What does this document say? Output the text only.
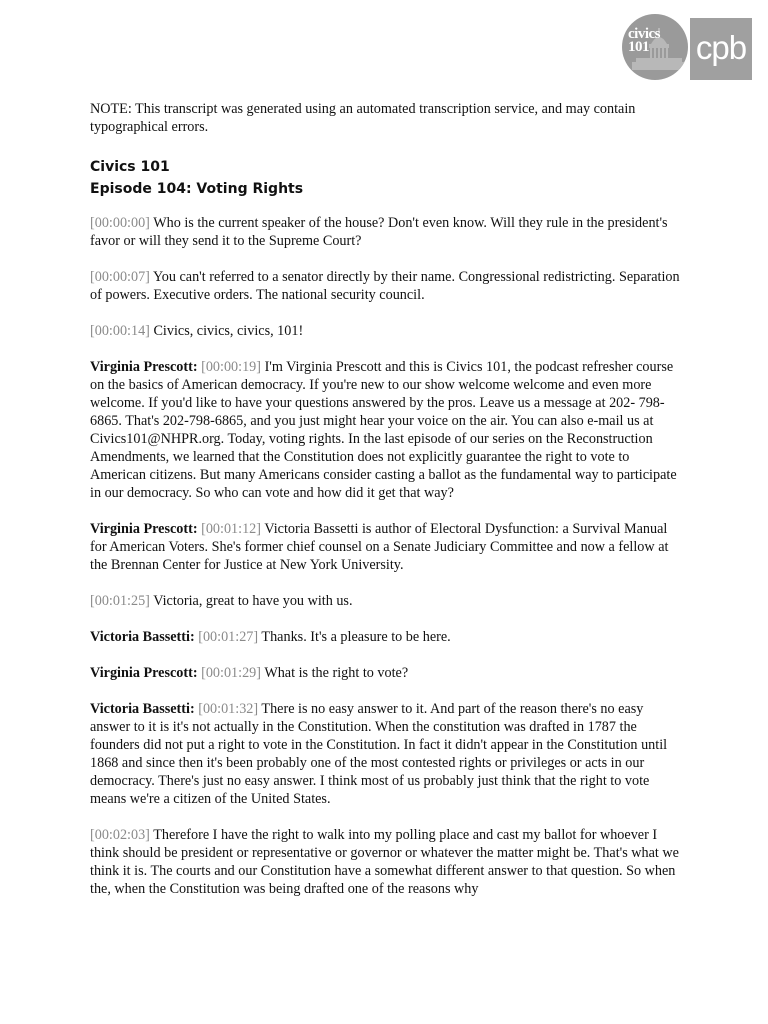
civics
101	cpb

NOTE: This transcript was generated using an automated transcription service, and may contain typographical errors.

Civics 101
Episode 104: Voting Rights

[00:00:00] Who is the current speaker of the house? Don't even know. Will they rule in the president's favor or will they send it to the Supreme Court?

[00:00:07] You can't referred to a senator directly by their name. Congressional redistricting. Separation of powers. Executive orders. The national security council.

[00:00:14] Civics, civics, civics, 101!

Virginia Prescott: [00:00:19] I'm Virginia Prescott and this is Civics 101, the podcast refresher course on the basics of American democracy. If you're new to our show welcome welcome and even more welcome. If you'd like to have your questions answered by the pros. Leave us a message at 202- 798-6865. That's 202-798-6865, and you just might hear your voice on the air. You can also e-mail us at Civics101@NHPR.org. Today, voting rights. In the last episode of our series on the Reconstruction Amendments, we learned that the Constitution does not explicitly guarantee the right to vote to American citizens. But many Americans consider casting a ballot as the fundamental way to participate in our democracy. So who can vote and how did it get that way?

Virginia Prescott: [00:01:12] Victoria Bassetti is author of Electoral Dysfunction: a Survival Manual for American Voters. She's former chief counsel on a Senate Judiciary Committee and now a fellow at the Brennan Center for Justice at New York University.

[00:01:25] Victoria, great to have you with us.

Victoria Bassetti: [00:01:27] Thanks. It's a pleasure to be here.

Virginia Prescott: [00:01:29] What is the right to vote?

Victoria Bassetti: [00:01:32] There is no easy answer to it. And part of the reason there's no easy answer to it is it's not actually in the Constitution. When the constitution was drafted in 1787 the founders did not put a right to vote in the Constitution. In fact it didn't appear in the Constitution until 1868 and since then it's been probably one of the most contested rights or privileges or acts in our democracy. There's just no easy answer. I think most of us probably just think that the right to vote means we're a citizen of the United States.

[00:02:03] Therefore I have the right to walk into my polling place and cast my ballot for whoever I think should be president or representative or governor or whatever the matter might be. That's what we think it is. The courts and our Constitution have a somewhat different answer to that question. So when the, when the Constitution was being drafted one of the reasons why
